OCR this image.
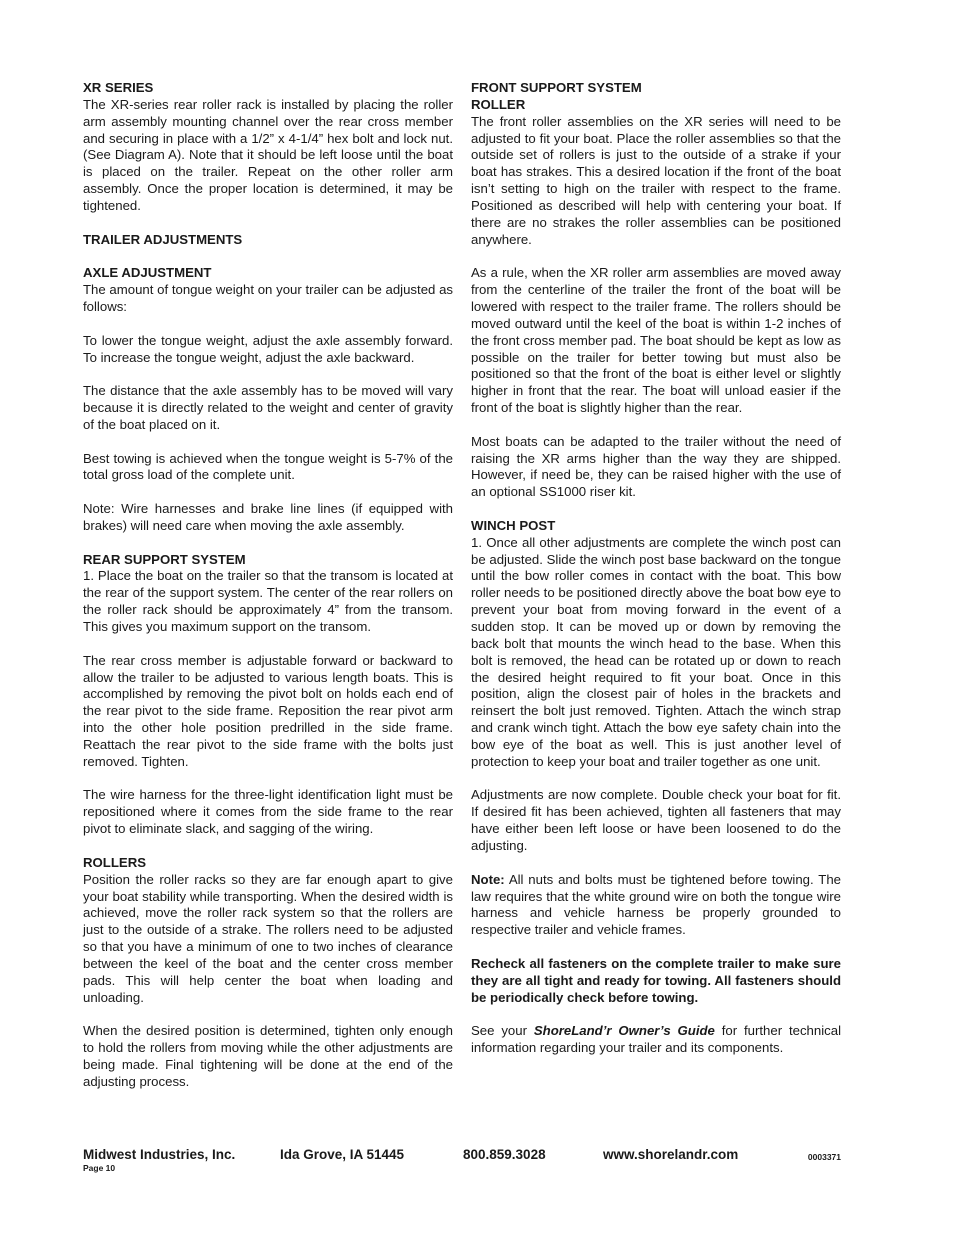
XR SERIES
The XR-series rear roller rack is installed by placing the roller arm assembly mounting channel over the rear cross member and securing in place with a 1/2” x 4-1/4” hex bolt and lock nut. (See Diagram A). Note that it should be left loose until the boat is placed on the trailer. Repeat on the other roller arm assembly. Once the proper location is determined, it may be tightened.
TRAILER ADJUSTMENTS
AXLE ADJUSTMENT
The amount of tongue weight on your trailer can be adjusted as follows:
To lower the tongue weight, adjust the axle assembly forward. To increase the tongue weight, adjust the axle backward.
The distance that the axle assembly has to be moved will vary because it is directly related to the weight and center of gravity of the boat placed on it.
Best towing is achieved when the tongue weight is 5-7% of the total gross load of the complete unit.
Note: Wire harnesses and brake line lines (if equipped with brakes) will need care when moving the axle assembly.
REAR SUPPORT SYSTEM
1. Place the boat on the trailer so that the transom is located at the rear of the support system. The center of the rear rollers on the roller rack should be approximately 4” from the transom. This gives you maximum support on the transom.
The rear cross member is adjustable forward or backward to allow the trailer to be adjusted to various length boats. This is accomplished by removing the pivot bolt on holds each end of the rear pivot to the side frame. Reposition the rear pivot arm into the other hole position predrilled in the side frame. Reattach the rear pivot to the side frame with the bolts just removed. Tighten.
The wire harness for the three-light identification light must be repositioned where it comes from the side frame to the rear pivot to eliminate slack, and sagging of the wiring.
ROLLERS
Position the roller racks so they are far enough apart to give your boat stability while transporting. When the desired width is achieved, move the roller rack system so that the rollers are just to the outside of a strake. The rollers need to be adjusted so that you have a minimum of one to two inches of clearance between the keel of the boat and the center cross member pads. This will help center the boat when loading and unloading.
When the desired position is determined, tighten only enough to hold the rollers from moving while the other adjustments are being made. Final tightening will be done at the end of the adjusting process.
FRONT SUPPORT SYSTEM
ROLLER
The front roller assemblies on the XR series will need to be adjusted to fit your boat. Place the roller assemblies so that the outside set of rollers is just to the outside of a strake if your boat has strakes. This a desired location if the front of the boat isn’t setting to high on the trailer with respect to the frame. Positioned as described will help with centering your boat. If there are no strakes the roller assemblies can be positioned anywhere.
As a rule, when the XR roller arm assemblies are moved away from the centerline of the trailer the front of the boat will be lowered with respect to the trailer frame. The rollers should be moved outward until the keel of the boat is within 1-2 inches of the front cross member pad. The boat should be kept as low as possible on the trailer for better towing but must also be positioned so that the front of the boat is either level or slightly higher in front that the rear. The boat will unload easier if the front of the boat is slightly higher than the rear.
Most boats can be adapted to the trailer without the need of raising the XR arms higher than the way they are shipped. However, if need be, they can be raised higher with the use of an optional SS1000 riser kit.
WINCH POST
1. Once all other adjustments are complete the winch post can be adjusted. Slide the winch post base backward on the tongue until the bow roller comes in contact with the boat. This bow roller needs to be positioned directly above the boat bow eye to prevent your boat from moving forward in the event of a sudden stop. It can be moved up or down by removing the back bolt that mounts the winch head to the base. When this bolt is removed, the head can be rotated up or down to reach the desired height required to fit your boat. Once in this position, align the closest pair of holes in the brackets and reinsert the bolt just removed. Tighten. Attach the winch strap and crank winch tight. Attach the bow eye safety chain into the bow eye of the boat as well. This is just another level of protection to keep your boat and trailer together as one unit.
Adjustments are now complete. Double check your boat for fit. If desired fit has been achieved, tighten all fasteners that may have either been left loose or have been loosened to do the adjusting.
Note: All nuts and bolts must be tightened before towing. The law requires that the white ground wire on both the tongue wire harness and vehicle harness be properly grounded to respective trailer and vehicle frames.
Recheck all fasteners on the complete trailer to make sure they are all tight and ready for towing. All fasteners should be periodically check before towing.
See your ShoreLand’r Owner’s Guide for further technical information regarding your trailer and its components.
Midwest Industries, Inc.	Ida Grove, IA 51445	800.859.3028	www.shorelandr.com	0003371
Page 10
